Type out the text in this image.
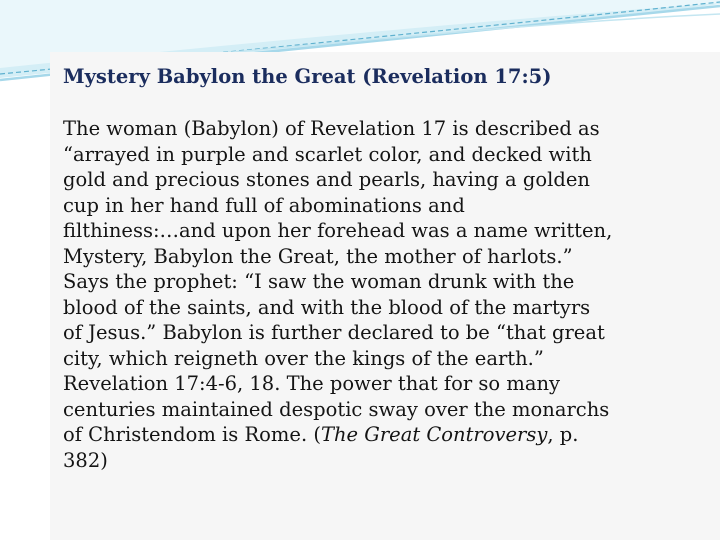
Mystery Babylon the Great (Revelation 17:5)
The woman (Babylon) of Revelation 17 is described as
“arrayed in purple and scarlet color, and decked with
gold and precious stones and pearls, having a golden
cup in her hand full of abominations and
filthiness:…and upon her forehead was a name written,
Mystery, Babylon the Great, the mother of harlots.”
Says the prophet: “I saw the woman drunk with the
blood of the saints, and with the blood of the martyrs
of Jesus.” Babylon is further declared to be “that great
city, which reigneth over the kings of the earth.”
Revelation 17:4-6, 18. The power that for so many
centuries maintained despotic sway over the monarchs
of Christendom is Rome. (The Great Controversy, p.
382)
